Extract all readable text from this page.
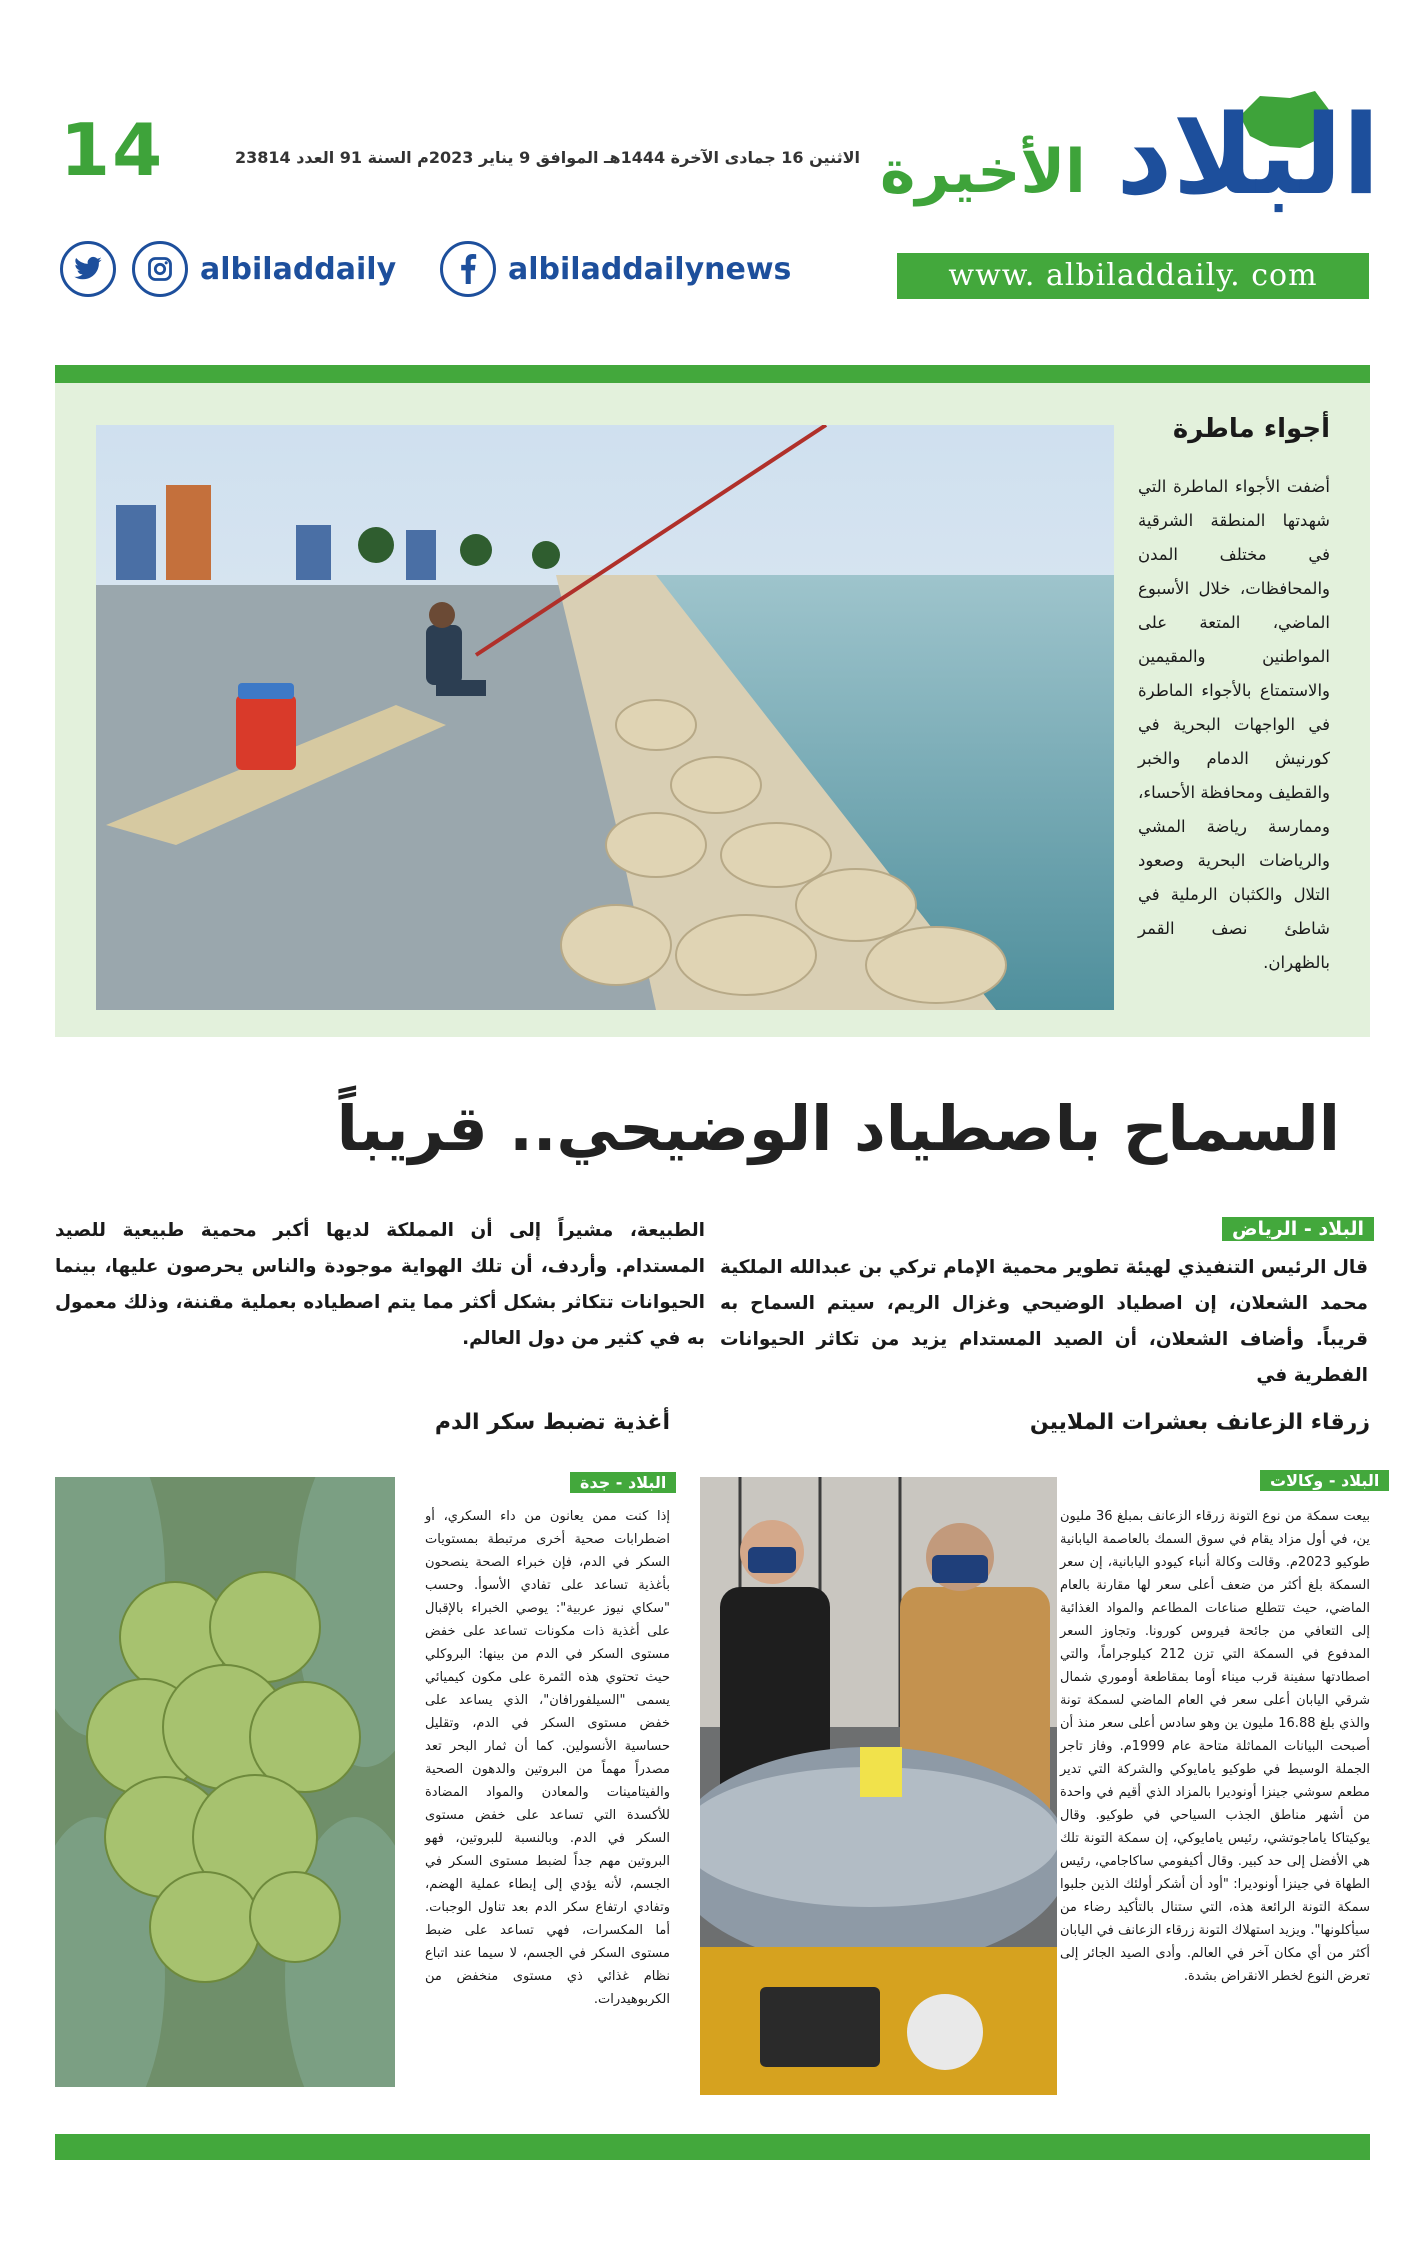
14	الاثنين 16 جمادى الآخرة 1444هـ الموافق 9 يناير 2023م السنة 91 العدد 23814 البلاد
الأخيرة
www. albiladdaily. com
albiladdaily	albiladdailynews
أجواء ماطرة
أضفت الأجواء الماطرة التي شهدتها المنطقة الشرقية في مختلف المدن والمحافظات، خلال الأسبوع الماضي، المتعة على المواطنين والمقيمين والاستمتاع بالأجواء الماطرة في الواجهات البحرية في كورنيش الدمام والخبر والقطيف ومحافظة الأحساء، وممارسة رياضة المشي والرياضات البحرية وصعود التلال والكثبان الرملية في شاطئ نصف القمر بالظهران.
السماح باصطياد الوضيحي.. قريباً
البلاد - الرياض
قال الرئيس التنفيذي لهيئة تطوير محمية الإمام تركي بن عبدالله الملكية محمد الشعلان، إن اصطياد الوضيحي وغزال الريم، سيتم السماح به قريباً. وأضاف الشعلان، أن الصيد المستدام يزيد من تكاثر الحيوانات الفطرية في
الطبيعة، مشيراً إلى أن المملكة لديها أكبر محمية طبيعية للصيد المستدام. وأردف، أن تلك الهواية موجودة والناس يحرصون عليها، بينما الحيوانات تتكاثر بشكل أكثر مما يتم اصطياده بعملية مقننة، وذلك معمول به في كثير من دول العالم.
زرقاء الزعانف بعشرات الملايين
البلاد - وكالات
بيعت سمكة من نوع التونة زرقاء الزعانف بمبلغ 36 مليون ين، في أول مزاد يقام في سوق السمك بالعاصمة اليابانية طوكيو 2023م. وقالت وكالة أنباء كيودو اليابانية، إن سعر السمكة بلغ أكثر من ضعف أعلى سعر لها مقارنة بالعام الماضي، حيث تتطلع صناعات المطاعم والمواد الغذائية إلى التعافي من جائحة فيروس كورونا. وتجاوز السعر المدفوع في السمكة التي تزن 212 كيلوجراماً، والتي اصطادتها سفينة قرب ميناء أوما بمقاطعة أوموري شمال شرقي اليابان أعلى سعر في العام الماضي لسمكة تونة والذي بلغ 16.88 مليون ين وهو سادس أعلى سعر منذ أن أصبحت البيانات المماثلة متاحة عام 1999م. وفاز تاجر الجملة الوسيط في طوكيو يامايوكي والشركة التي تدير مطعم سوشي جينزا أونوديرا بالمزاد الذي أقيم في واحدة من أشهر مناطق الجذب السياحي في طوكيو. وقال يوكيتاكا ياماجوتشي، رئيس يامايوكي، إن سمكة التونة تلك هي الأفضل إلى حد كبير. وقال أكيفومي ساكاجامي، رئيس الطهاة في جينزا أونوديرا: "أود أن أشكر أولئك الذين جلبوا سمكة التونة الرائعة هذه، التي ستنال بالتأكيد رضاء من سيأكلونها". ويزيد استهلاك التونة زرقاء الزعانف في اليابان أكثر من أي مكان آخر في العالم. وأدى الصيد الجائر إلى تعرض النوع لخطر الانقراض بشدة.
أغذية تضبط سكر الدم
البلاد - جدة
إذا كنت ممن يعانون من داء السكري، أو اضطرابات صحية أخرى مرتبطة بمستويات السكر في الدم، فإن خبراء الصحة ينصحون بأغذية تساعد على تفادي الأسوأ. وحسب "سكاي نيوز عربية": يوصي الخبراء بالإقبال على أغذية ذات مكونات تساعد على خفض مستوى السكر في الدم من بينها: البروكلي حيث تحتوي هذه الثمرة على مكون كيميائي يسمى "السيلفورافان"، الذي يساعد على خفض مستوى السكر في الدم، وتقليل حساسية الأنسولين. كما أن ثمار البحر تعد مصدراً مهماً من البروتين والدهون الصحية والفيتامينات والمعادن والمواد المضادة للأكسدة التي تساعد على خفض مستوى السكر في الدم. وبالنسبة للبروتين، فهو البروتين مهم جداً لضبط مستوى السكر في الجسم، لأنه يؤدي إلى إبطاء عملية الهضم، وتفادي ارتفاع سكر الدم بعد تناول الوجبات. أما المكسرات، فهي تساعد على ضبط مستوى السكر في الجسم، لا سيما عند اتباع نظام غذائي ذي مستوى منخفض من الكربوهيدرات.
